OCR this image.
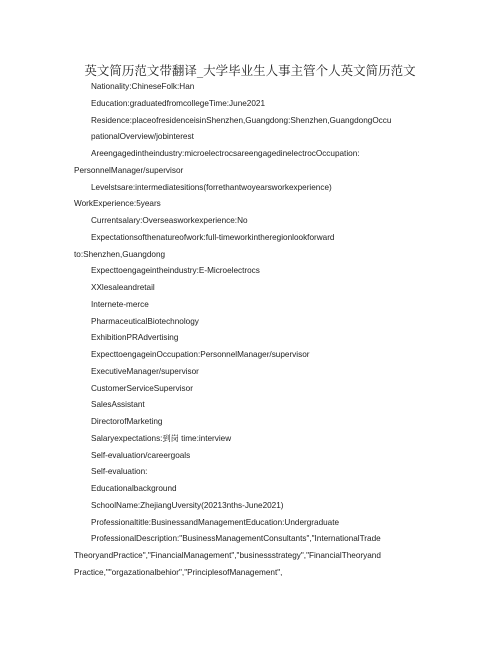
英文简历范文带翻译_大学毕业生人事主管个人英文简历范文
Nationality:ChineseFolk:Han
Education:graduatedfromcollegeTime:June2021
Residence:placeofresidenceisinShenzhen,Guangdong:Shenzhen,GuangdongOccu
pationalOverview/jobinterest
Areengagedintheindustry:microelectrocsareengagedinelectrocOccupation:
PersonnelManager/supervisor
Levelstsare:intermediatesitions(forrethantwoyearsworkexperience)
WorkExperience:5years
Currentsalary:Overseasworkexperience:No
Expectationsofthenatureofwork:full-timeworkintheregionlookforward
to:Shenzhen,Guangdong
Expecttoengageintheindustry:E-Microelectrocs
XXlesaleandretail
Internete-merce
PharmaceuticalBiotechnology
ExhibitionPRAdvertising
ExpecttoengageinOccupation:PersonnelManager/supervisor
ExecutiveManager/supervisor
CustomerServiceSupervisor
SalesAssistant
DirectorofMarketing
Salaryexpectations:到岗 time:interview
Self-evaluation/careergoals
Self-evaluation:
Educationalbackground
SchoolName:ZhejiangUversity(20213nths-June2021)
Professionaltitle:BusinessandManagementEducation:Undergraduate
ProfessionalDescription:"BusinessManagementConsultants","InternationalTrade
TheoryandPractice","FinancialManagement","businessstrategy","FinancialTheoryand
Practice,""orgazationalbehior","PrinciplesofManagement",
